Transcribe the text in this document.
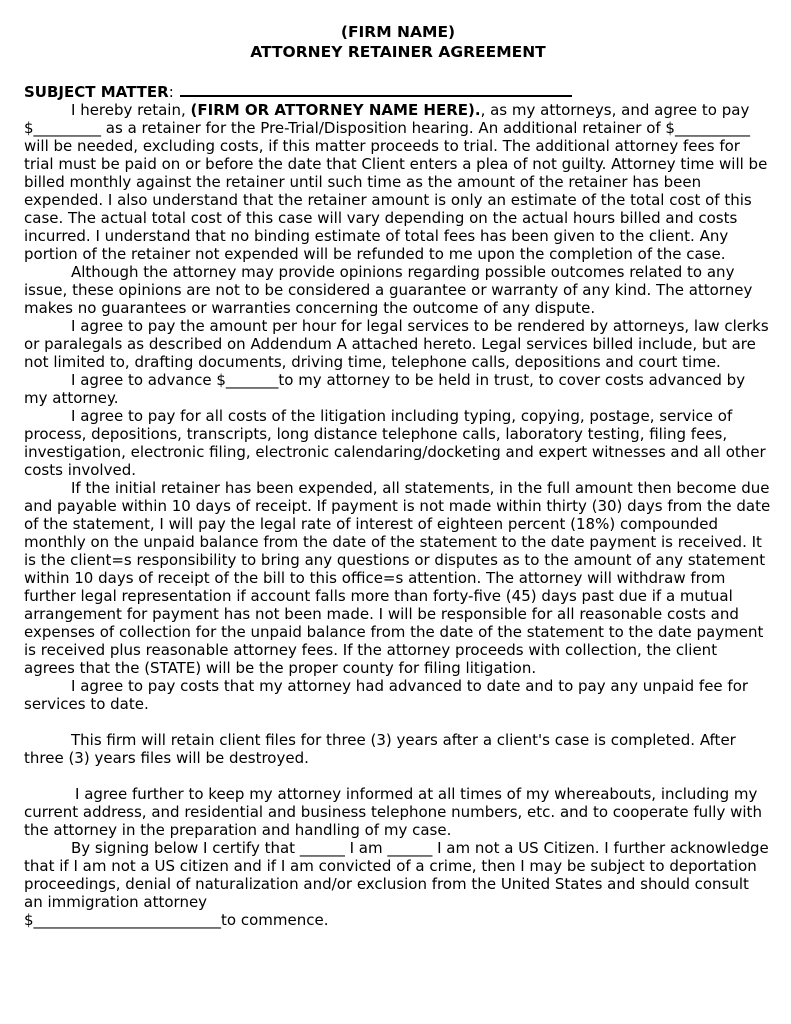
(FIRM NAME)
ATTORNEY RETAINER AGREEMENT
SUBJECT MATTER:

I hereby retain, (FIRM OR ATTORNEY NAME HERE)., as my attorneys, and agree to pay $_________ as a retainer for the Pre-Trial/Disposition hearing. An additional retainer of $__________ will be needed, excluding costs, if this matter proceeds to trial. The additional attorney fees for trial must be paid on or before the date that Client enters a plea of not guilty. Attorney time will be billed monthly against the retainer until such time as the amount of the retainer has been expended. I also understand that the retainer amount is only an estimate of the total cost of this case. The actual total cost of this case will vary depending on the actual hours billed and costs incurred. I understand that no binding estimate of total fees has been given to the client. Any portion of the retainer not expended will be refunded to me upon the completion of the case.

Although the attorney may provide opinions regarding possible outcomes related to any issue, these opinions are not to be considered a guarantee or warranty of any kind. The attorney makes no guarantees or warranties concerning the outcome of any dispute.

I agree to pay the amount per hour for legal services to be rendered by attorneys, law clerks or paralegals as described on Addendum A attached hereto. Legal services billed include, but are not limited to, drafting documents, driving time, telephone calls, depositions and court time.

I agree to advance $_______to my attorney to be held in trust, to cover costs advanced by my attorney.

I agree to pay for all costs of the litigation including typing, copying, postage, service of process, depositions, transcripts, long distance telephone calls, laboratory testing, filing fees, investigation, electronic filing, electronic calendaring/docketing and expert witnesses and all other costs involved.

If the initial retainer has been expended, all statements, in the full amount then become due and payable within 10 days of receipt. If payment is not made within thirty (30) days from the date of the statement, I will pay the legal rate of interest of eighteen percent (18%) compounded monthly on the unpaid balance from the date of the statement to the date payment is received. It is the client=s responsibility to bring any questions or disputes as to the amount of any statement within 10 days of receipt of the bill to this office=s attention. The attorney will withdraw from further legal representation if account falls more than forty-five (45) days past due if a mutual arrangement for payment has not been made. I will be responsible for all reasonable costs and expenses of collection for the unpaid balance from the date of the statement to the date payment is received plus reasonable attorney fees. If the attorney proceeds with collection, the client agrees that the (STATE) will be the proper county for filing litigation.

I agree to pay costs that my attorney had advanced to date and to pay any unpaid fee for services to date.

This firm will retain client files for three (3) years after a client's case is completed. After three (3) years files will be destroyed.

I agree further to keep my attorney informed at all times of my whereabouts, including my current address, and residential and business telephone numbers, etc. and to cooperate fully with the attorney in the preparation and handling of my case.

By signing below I certify that ______ I am ______ I am not a US Citizen. I further acknowledge that if I am not a US citizen and if I am convicted of a crime, then I may be subject to deportation proceedings, denial of naturalization and/or exclusion from the United States and should consult an immigration attorney

$_________________________to commence.
